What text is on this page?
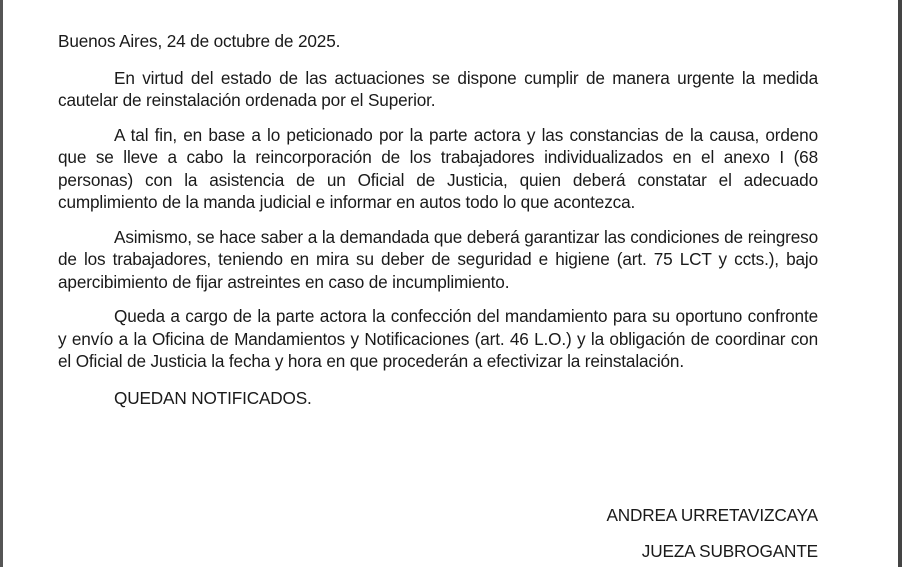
Buenos Aires, 24 de octubre de 2025.

En virtud del estado de las actuaciones se dispone cumplir de manera urgente la medida cautelar de reinstalación ordenada por el Superior.

A tal fin, en base a lo peticionado por la parte actora y las constancias de la causa, ordeno que se lleve a cabo la reincorporación de los trabajadores individualizados en el anexo I (68 personas) con la asistencia de un Oficial de Justicia, quien deberá constatar el adecuado cumplimiento de la manda judicial e informar en autos todo lo que acontezca.

Asimismo, se hace saber a la demandada que deberá garantizar las condiciones de reingreso de los trabajadores, teniendo en mira su deber de seguridad e higiene (art. 75 LCT y ccts.), bajo apercibimiento de fijar astreintes en caso de incumplimiento.

Queda a cargo de la parte actora la confección del mandamiento para su oportuno confronte y envío a la Oficina de Mandamientos y Notificaciones (art. 46 L.O.) y la obligación de coordinar con el Oficial de Justicia la fecha y hora en que procederán a efectivizar la reinstalación.

QUEDAN NOTIFICADOS.

ANDREA URRETAVIZCAYA
JUEZA SUBROGANTE
